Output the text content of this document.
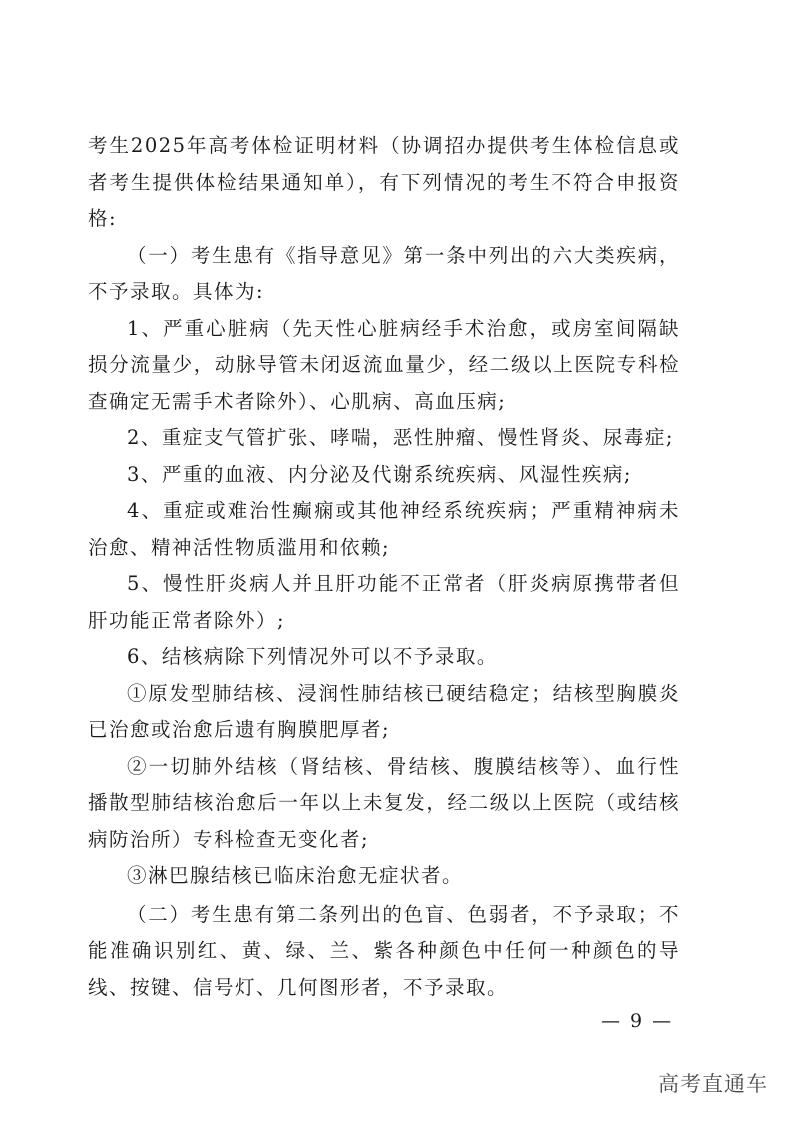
考生2025年高考体检证明材料（协调招办提供考生体检信息或者考生提供体检结果通知单），有下列情况的考生不符合申报资格:

（一）考生患有《指导意见》第一条中列出的六大类疾病，不予录取。具体为:

1、严重心脏病（先天性心脏病经手术治愈，或房室间隔缺损分流量少，动脉导管未闭返流血量少，经二级以上医院专科检查确定无需手术者除外）、心肌病、高血压病;

2、重症支气管扩张、哮喘，恶性肿瘤、慢性肾炎、尿毒症;

3、严重的血液、内分泌及代谢系统疾病、风湿性疾病;

4、重症或难治性癫痫或其他神经系统疾病；严重精神病未治愈、精神活性物质滥用和依赖;

5、慢性肝炎病人并且肝功能不正常者（肝炎病原携带者但肝功能正常者除外）;

6、结核病除下列情况外可以不予录取。

①原发型肺结核、浸润性肺结核已硬结稳定；结核型胸膜炎已治愈或治愈后遗有胸膜肥厚者;

②一切肺外结核（肾结核、骨结核、腹膜结核等）、血行性播散型肺结核治愈后一年以上未复发，经二级以上医院（或结核病防治所）专科检查无变化者;

③淋巴腺结核已临床治愈无症状者。

（二）考生患有第二条列出的色盲、色弱者，不予录取；不能准确识别红、黄、绿、兰、紫各种颜色中任何一种颜色的导线、按键、信号灯、几何图形者，不予录取。

— 9 —
高考直通车
